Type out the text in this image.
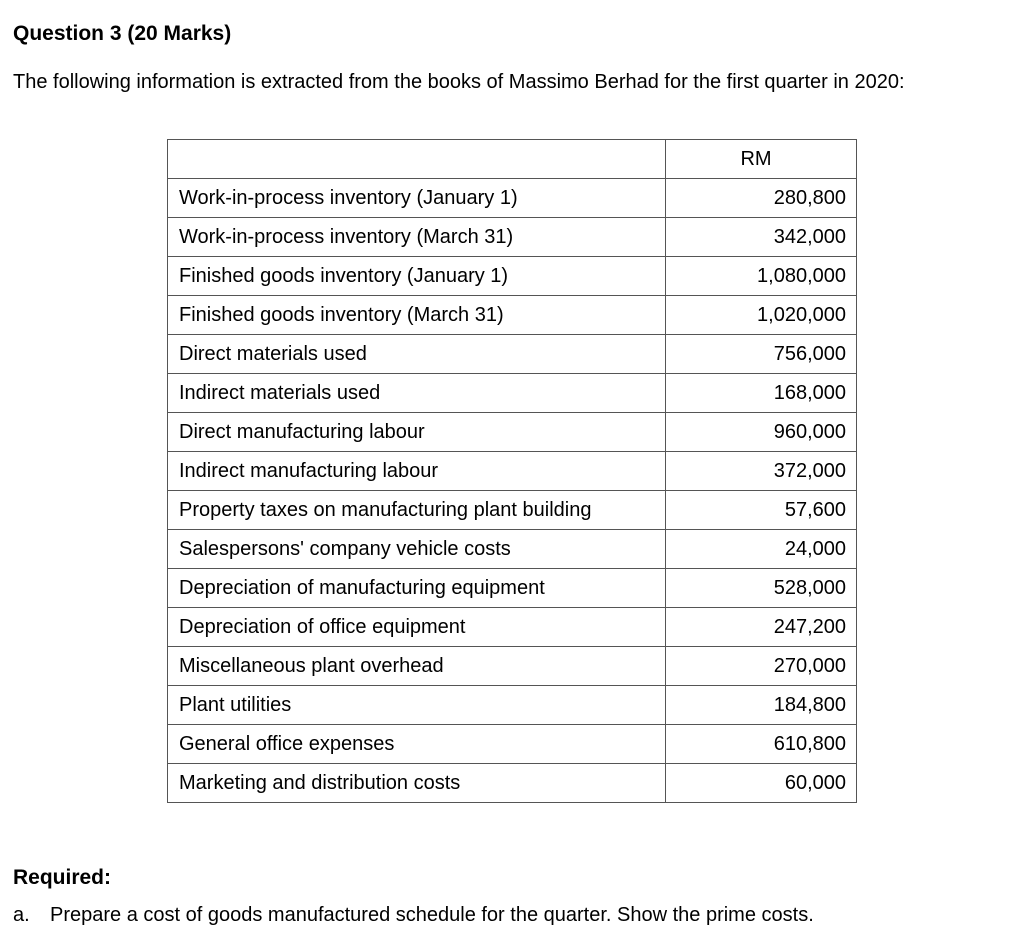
Question 3 (20 Marks)

The following information is extracted from the books of Massimo Berhad for the first quarter in 2020:

	RM
Work-in-process inventory (January 1)	280,800
Work-in-process inventory (March 31)	342,000
Finished goods inventory (January 1)	1,080,000
Finished goods inventory (March 31)	1,020,000
Direct materials used	756,000
Indirect materials used	168,000
Direct manufacturing labour	960,000
Indirect manufacturing labour	372,000
Property taxes on manufacturing plant building	57,600
Salespersons' company vehicle costs	24,000
Depreciation of manufacturing equipment	528,000
Depreciation of office equipment	247,200
Miscellaneous plant overhead	270,000
Plant utilities	184,800
General office expenses	610,800
Marketing and distribution costs	60,000
Required:
a.	Prepare a cost of goods manufactured schedule for the quarter. Show the prime costs.
